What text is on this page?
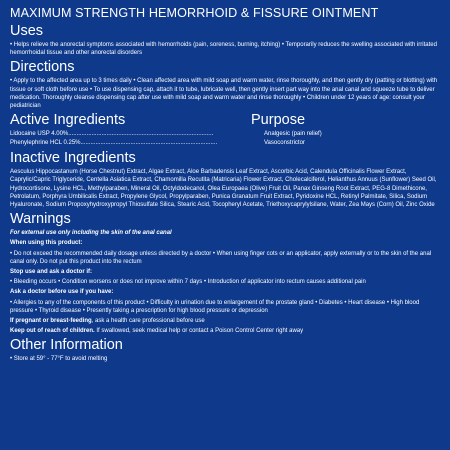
MAXIMUM STRENGTH HEMORRHOID & FISSURE OINTMENT
Uses

• Helps relieve the anorectal symptoms associated with hemorrhoids (pain, soreness, burning, itching) • Temporarily reduces the swelling associated with irritated hemorrhoidal tissue and other anorectal disorders

Directions

• Apply to the affected area up to 3 times daily • Clean affected area with mild soap and warm water, rinse thoroughly, and then gently dry (patting or blotting) with tissue or soft cloth before use • To use dispensing cap, attach it to tube, lubricate well, then gently insert part way into the anal canal and squeeze tube to deliver medication. Thoroughly cleanse dispensing cap after use with mild soap and warm water and rinse thoroughly • Children under 12 years of age: consult your pediatrician

Active Ingredients	Purpose
Lidocaine USP 4.00%.......................................................................................	Analgesic (pain relief)
Phenylephrine HCL 0.25%..................................................................................	Vasoconstrictor
Inactive Ingredients

Aesculus Hippocastanum (Horse Chestnut) Extract, Algae Extract, Aloe Barbadensis Leaf Extract, Ascorbic Acid, Calendula Officinalis Flower Extract, Caprylic/Capric Triglyceride, Centella Asiatica Extract, Chamomilla Recutita (Matricaria) Flower Extract, Cholecalciferol, Helianthus Annuus (Sunflower) Seed Oil, Hydrocortisone, Lysine HCL, Methylparaben, Mineral Oil, Octyldodecanol, Olea Europaea (Olive) Fruit Oil, Panax Ginseng Root Extract, PEG-8 Dimethicone, Petrolatum, Porphyra Umbilicalis Extract, Propylene Glycol, Propylparaben, Punica Granatum Fruit Extract, Pyridoxine HCL, Retinyl Palmitate, Silica, Sodium Hyaluronate, Sodium Propoxyhydroxypropyl Thiosulfate Silica, Stearic Acid, Tocopheryl Acetate, Triethoxycaprylylsilane, Water, Zea Mays (Corn) Oil, Zinc Oxide

Warnings

For external use only including the skin of the anal canal

When using this product:

• Do not exceed the recommended daily dosage unless directed by a doctor • When using finger cots or an applicator, apply externally or to the skin of the anal canal only. Do not put this product into the rectum

Stop use and ask a doctor if:

• Bleeding occurs • Condition worsens or does not improve within 7 days • Introduction of applicator into rectum causes additional pain

Ask a doctor before use if you have:

• Allergies to any of the components of this product • Difficulty in urination due to enlargement of the prostate gland • Diabetes • Heart disease • High blood pressure • Thyroid disease • Presently taking a prescription for high blood pressure or depression

If pregnant or breast-feeding, ask a health care professional before use

Keep out of reach of children. If swallowed, seek medical help or contact a Poison Control Center right away

Other Information

• Store at 59° - 77°F to avoid melting
